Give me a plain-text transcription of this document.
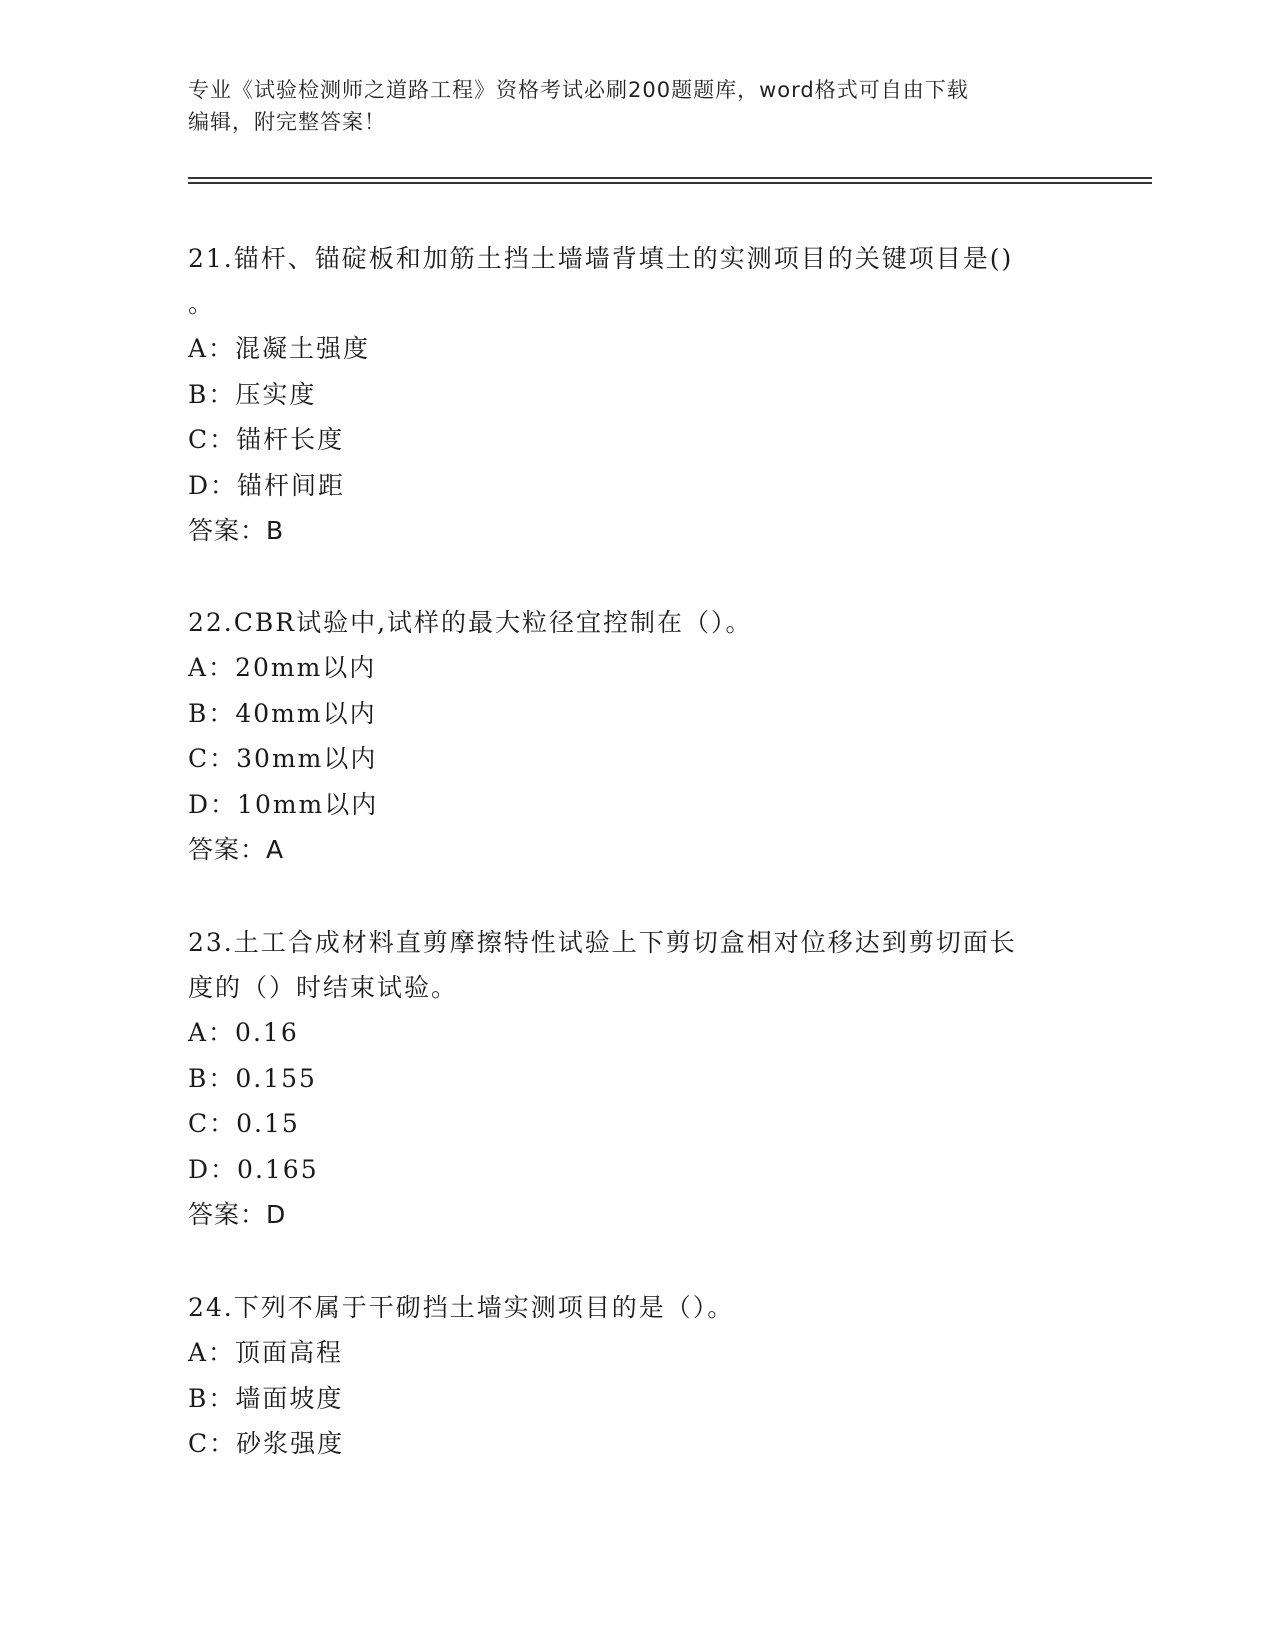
专业《试验检测师之道路工程》资格考试必刷200题题库，word格式可自由下载
编辑，附完整答案！

21.锚杆、锚碇板和加筋土挡土墙墙背填土的实测项目的关键项目是()

。

A：混凝土强度

B：压实度

C：锚杆长度

D：锚杆间距

答案：B

22.CBR试验中,试样的最大粒径宜控制在（）。

A：20mm以内

B：40mm以内

C：30mm以内

D：10mm以内

答案：A

23.土工合成材料直剪摩擦特性试验上下剪切盒相对位移达到剪切面长

度的（）时结束试验。

A：0.16

B：0.155

C：0.15

D：0.165

答案：D

24.下列不属于干砌挡土墙实测项目的是（）。

A：顶面高程

B：墙面坡度

C：砂浆强度
